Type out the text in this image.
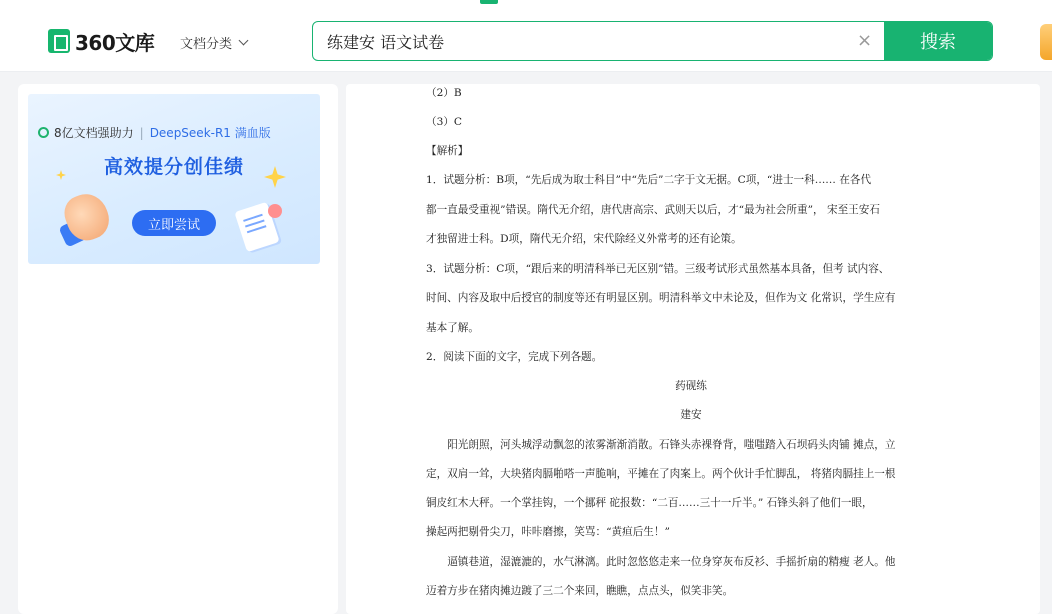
360文库 文档分类
练建安 语文试卷	×	搜索
8亿文档强助力 | DeepSeek-R1 满血版
高效提分创佳绩
立即尝试
（2）B
（3）C
【解析】
1．试题分析：B项，“先后成为取士科目”中“先后”二字于文无据。C项，“进士一科…… 在各代
都一直最受重视”错误。隋代无介绍，唐代唐高宗、武则天以后，才“最为社会所重”， 宋至王安石
才独留进士科。D项，隋代无介绍，宋代除经义外常考的还有论策。
3．试题分析：C项，“跟后来的明清科举已无区别”错。三级考试形式虽然基本具备，但考 试内容、
时间、内容及取中后授官的制度等还有明显区别。明清科举文中未论及，但作为文 化常识，学生应有
基本了解。
2．阅读下面的文字，完成下列各题。
药砚练
建安
阳光朗照，河头城浮动飘忽的浓雾渐渐消散。石锋头赤裸脊背，嗤嗤踏入石坝码头肉铺 摊点，立
定，双肩一耸，大块猪肉膈啪嗒一声脆响，平摊在了肉案上。两个伙计手忙脚乱， 将猪肉膈挂上一根
铜皮红木大秤。一个掌挂钩，一个挪秤 砣报数：“二百……三十一斤半。” 石锋头斜了他们一眼，
操起两把剔骨尖刀，咔咔磨擦，笑骂：“黄疸后生！”
逼镇巷道，湿漉漉的，水气淋漓。此时忽悠悠走来一位身穿灰布反衫、手摇折扇的精瘦 老人。他
迈着方步在猪肉摊边踱了三二个来回，瞧瞧，点点头，似笑非笑。
